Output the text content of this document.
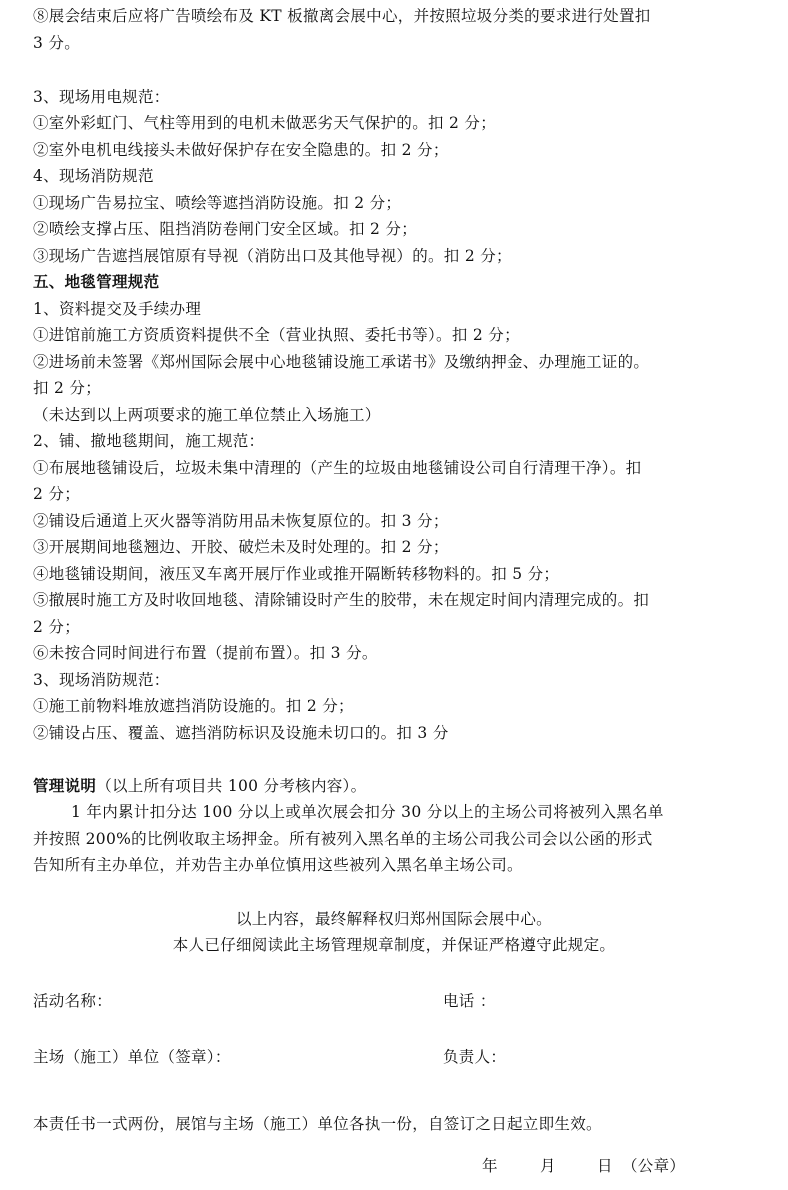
⑧展会结束后应将广告喷绘布及 KT 板撤离会展中心，并按照垃圾分类的要求进行处置扣
3 分。
3、现场用电规范：
①室外彩虹门、气柱等用到的电机未做恶劣天气保护的。扣 2 分；
②室外电机电线接头未做好保护存在安全隐患的。扣 2 分；
4、现场消防规范
①现场广告易拉宝、喷绘等遮挡消防设施。扣 2 分；
②喷绘支撑占压、阻挡消防卷闸门安全区域。扣 2 分；
③现场广告遮挡展馆原有导视（消防出口及其他导视）的。扣 2 分；
五、地毯管理规范
1、资料提交及手续办理
①进馆前施工方资质资料提供不全（营业执照、委托书等）。扣 2 分；
②进场前未签署《郑州国际会展中心地毯铺设施工承诺书》及缴纳押金、办理施工证的。
扣 2 分；
（未达到以上两项要求的施工单位禁止入场施工）
2、铺、撤地毯期间，施工规范：
①布展地毯铺设后，垃圾未集中清理的（产生的垃圾由地毯铺设公司自行清理干净）。扣
2 分；
②铺设后通道上灭火器等消防用品未恢复原位的。扣 3 分；
③开展期间地毯翘边、开胶、破烂未及时处理的。扣 2 分；
④地毯铺设期间，液压叉车离开展厅作业或推开隔断转移物料的。扣 5 分；
⑤撤展时施工方及时收回地毯、清除铺设时产生的胶带，未在规定时间内清理完成的。扣
2 分；
⑥未按合同时间进行布置（提前布置）。扣 3 分。
3、现场消防规范：
①施工前物料堆放遮挡消防设施的。扣 2 分；
②铺设占压、覆盖、遮挡消防标识及设施未切口的。扣 3 分
管理说明（以上所有项目共 100 分考核内容）。
1 年内累计扣分达 100 分以上或单次展会扣分 30 分以上的主场公司将被列入黑名单
并按照 200%的比例收取主场押金。所有被列入黑名单的主场公司我公司会以公函的形式
告知所有主办单位，并劝告主办单位慎用这些被列入黑名单主场公司。
以上内容，最终解释权归郑州国际会展中心。
本人已仔细阅读此主场管理规章制度，并保证严格遵守此规定。
活动名称：	电话 ：
主场（施工）单位（签章）：	负责人：
本责任书一式两份，展馆与主场（施工）单位各执一份，自签订之日起立即生效。
年	月	日 （公章）
